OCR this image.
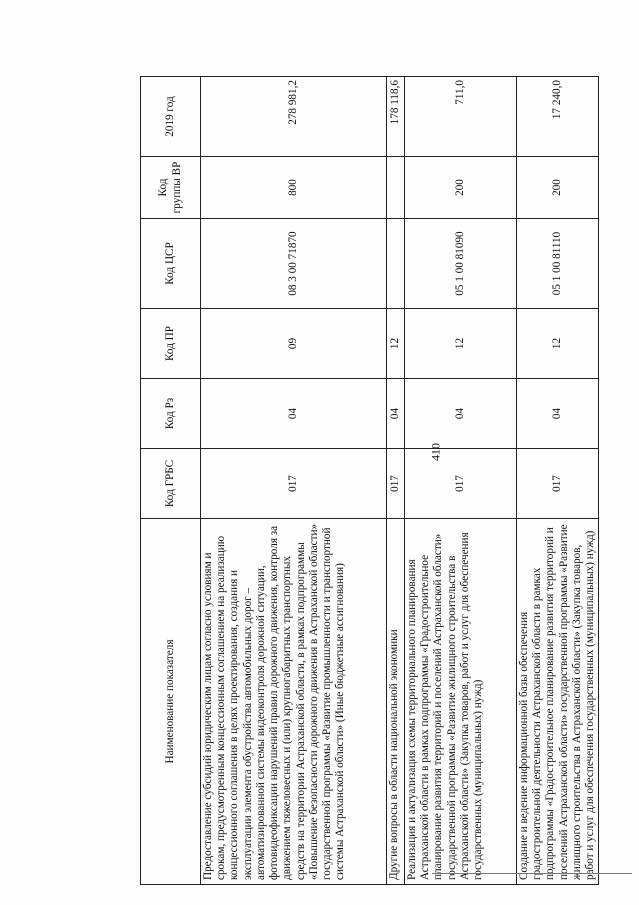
410
Наименование показателя	Код ГРБС	Код Рз	Код ПР	Код ЦСР	Код группы ВР	2019 год
Предоставление субсидий юридическим лицам согласно условиям и срокам, предусмотренным концессионным соглашением на реализацию концессионного соглашения в целях проектирования, создания и эксплуатации элемента обустройства автомобильных дорог – автоматизированной системы видеоконтроля дорожной ситуации, фотовидеофиксации нарушений правил дорожного движения, контроля за движением тяжеловесных и (или) крупногабаритных транспортных средств на территории Астраханской области, в рамках подпрограммы «Повышение безопасности дорожного движения в Астраханской области» государственной программы «Развитие промышленности и транспортной системы Астраханской области» (Иные бюджетные ассигнования)	017	04	09	08 3 00 71870	800	278 981,2
Другие вопросы в области национальной экономики	017	04	12			178 118,6
Реализация и актуализация схемы территориального планирования Астраханской области в рамках подпрограммы «Градостроительное планирование развития территорий и поселений Астраханской области» государственной программы «Развитие жилищного строительства в Астраханской области» (Закупка товаров, работ и услуг для обеспечения государственных (муниципальных) нужд)	017	04	12	05 1 00 81090	200	711,0
Создание и ведение информационной базы обеспечения градостроительной деятельности Астраханской области в рамках подпрограммы «Градостроительное планирование развития территорий и поселений Астраханской области» государственной программы «Развитие жилищного строительства в Астраханской области» (Закупка товаров, работ и услуг для обеспечения государственных (муниципальных) нужд)	017	04	12	05 1 00 81110	200	17 240,0
